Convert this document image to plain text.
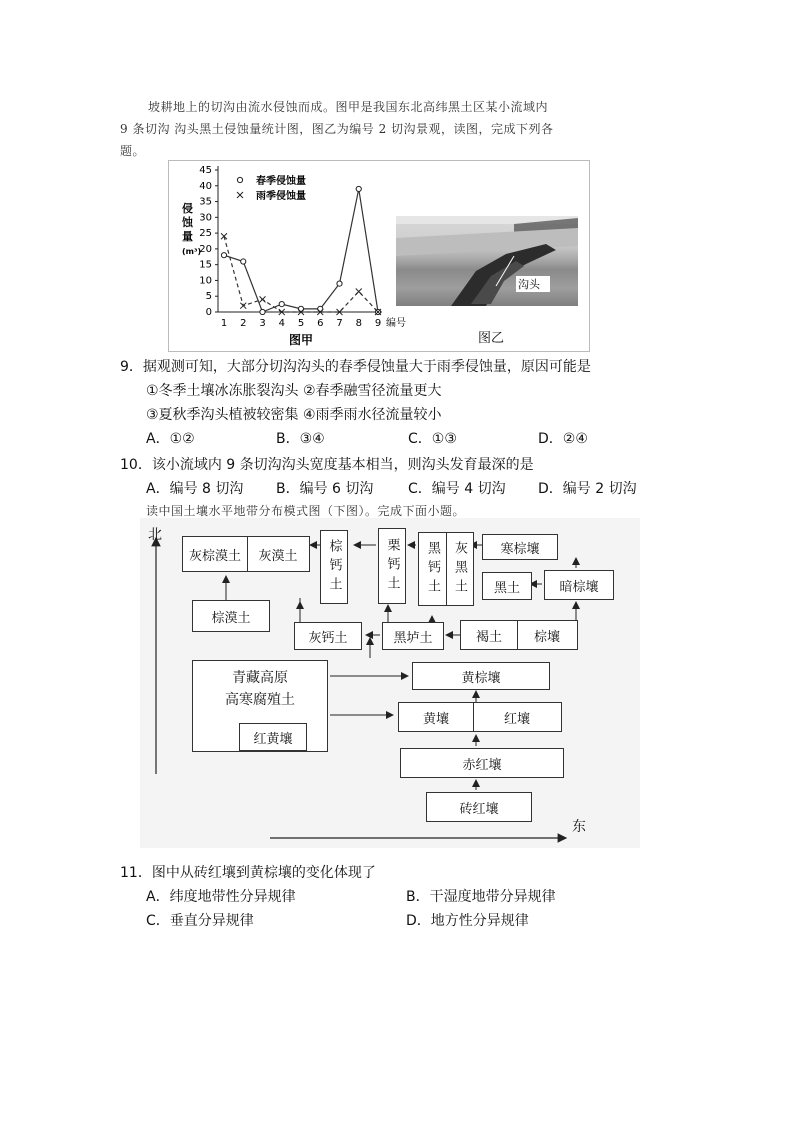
坡耕地上的切沟由流水侵蚀而成。图甲是我国东北高纬黑土区某小流域内
9 条切沟 沟头黑土侵蚀量统计图，图乙为编号 2 切沟景观，读图，完成下列各
题。
0
5
10
15
20
25
30
35
40
45
1 2 3 4 5 6 7 8 9 编号
侵
蚀
量
(m³)
图甲
春季侵蚀量
雨季侵蚀量
沟头
图乙
9．据观测可知，大部分切沟沟头的春季侵蚀量大于雨季侵蚀量，原因可能是
①冬季土壤冰冻胀裂沟头 ②春季融雪径流量更大
③夏秋季沟头植被较密集 ④雨季雨水径流量较小
A．①②	B．③④	C．①③	D．②④
10．该小流域内 9 条切沟沟头宽度基本相当，则沟头发育最深的是
A．编号 8 切沟 B．编号 6 切沟 C．编号 4 切沟 D．编号 2 切沟
读中国土壤水平地带分布模式图（下图）。完成下面小题。
北
东
灰棕漠土	灰漠土	棕钙土	栗钙土	黑钙土 灰黑土	寒棕壤
黑土	暗棕壤
棕漠土
灰钙土	黑垆土	褐土	棕壤
青藏高原
高寒腐殖土
红黄壤
黄棕壤
黄壤	红壤
赤红壤
砖红壤
11．图中从砖红壤到黄棕壤的变化体现了
A．纬度地带性分异规律	B．干湿度地带分异规律
C．垂直分异规律	D．地方性分异规律
